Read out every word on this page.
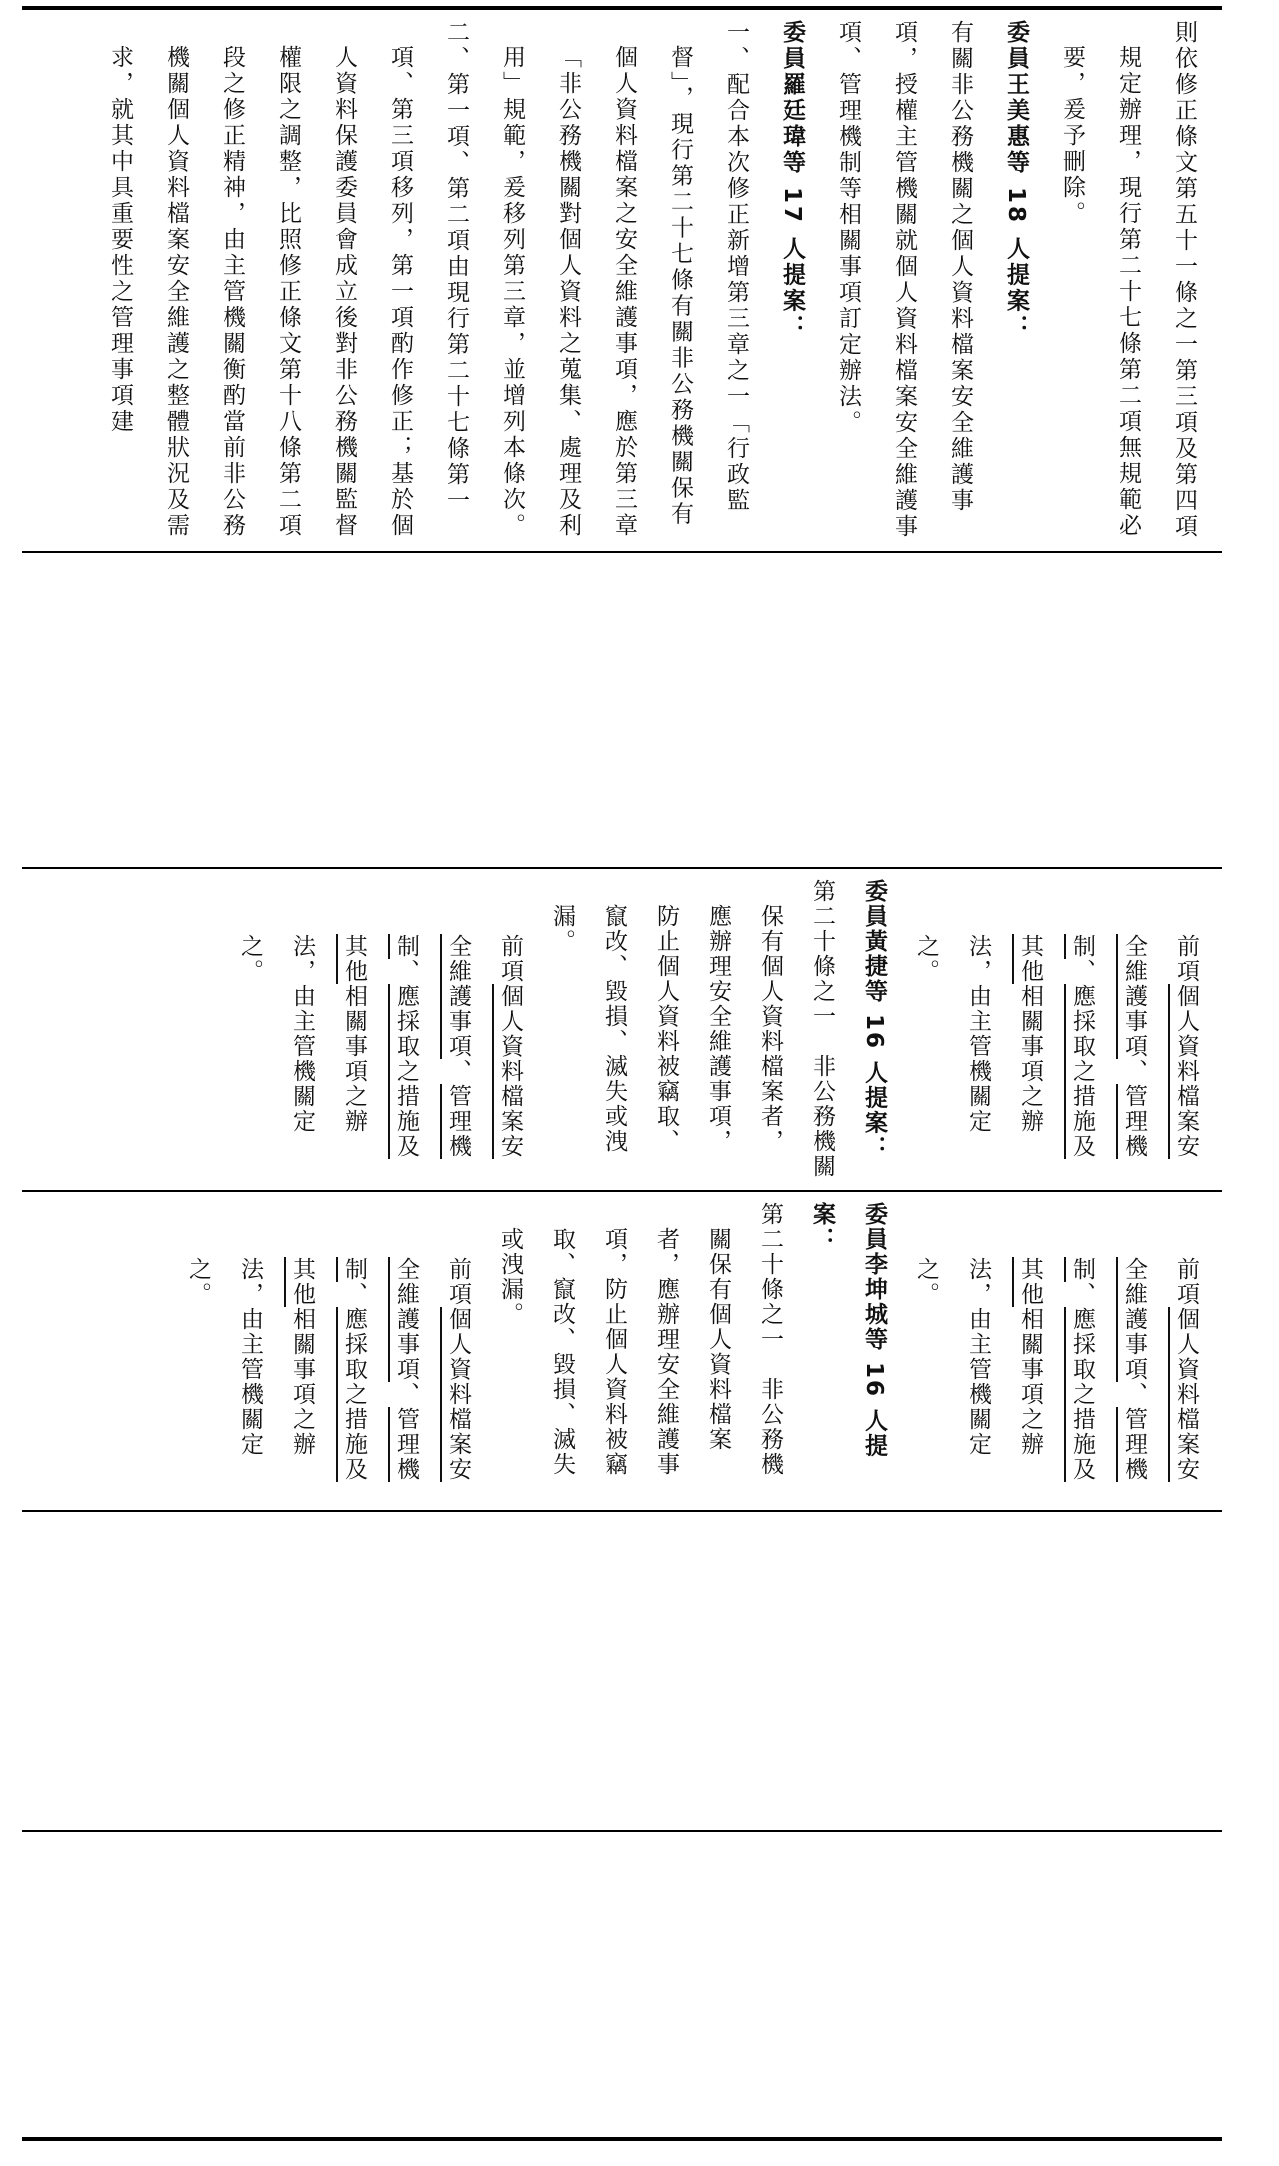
則依修正條文第五十一條之一第三項及第四項規定辦理，現行第二十七條第二項無規範必要，爰予刪除。

委員王美惠等 18 人提案：

有關非公務機關之個人資料檔案安全維護事項，授權主管機關就個人資料檔案安全維護事項、管理機制等相關事項訂定辦法。

委員羅廷瑋等 17 人提案：

一、配合本次修正新增第三章之一「行政監督」，現行第二十七條有關非公務機關保有個人資料檔案之安全維護事項，應於第三章「非公務機關對個人資料之蒐集、處理及利用」規範，爰移列第三章，並增列本條次。

二、第一項、第二項由現行第二十七條第一項、第三項移列，第一項酌作修正；基於個人資料保護委員會成立後對非公務機關監督權限之調整，比照修正條文第十八條第二項段之修正精神，由主管機關衡酌當前非公務機關個人資料檔案安全維護之整體狀況及需求，就其中具重要性之管理事項建

前項個人資料檔案安全維護事項、管理機制、應採取之措施及其他相關事項之辦法，由主管機關定之。

委員黃捷等 16 人提案：

第二十條之一　非公務機關保有個人資料檔案者，應辦理安全維護事項，防止個人資料被竊取、竄改、毀損、滅失或洩漏。

前項個人資料檔案安全維護事項、管理機制、應採取之措施及其他相關事項之辦法，由主管機關定之。

前項個人資料檔案安全維護事項、管理機制、應採取之措施及其他相關事項之辦法，由主管機關定之。

委員李坤城等 16 人提案：

第二十條之一　非公務機關保有個人資料檔案者，應辦理安全維護事項，防止個人資料被竊取、竄改、毀損、滅失或洩漏。

前項個人資料檔案安全維護事項、管理機制、應採取之措施及其他相關事項之辦法，由主管機關定之。
